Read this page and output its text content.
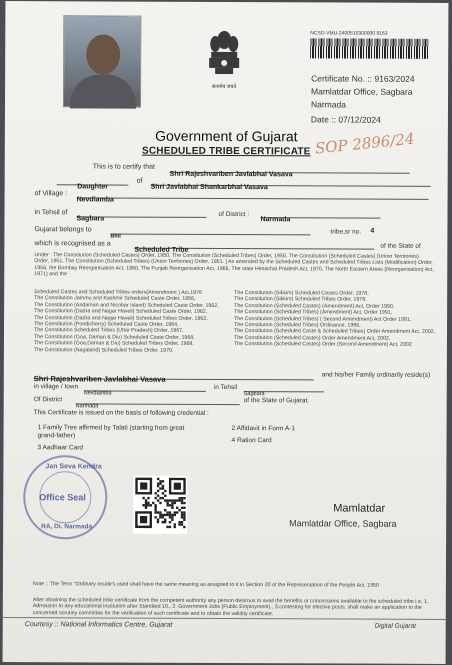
सत्यमेव जयते
NCSD-VMU-2400510300000 9163
Certificate No. :: 9163/2024
Mamlatdar Office, Sagbara
Narmada
Date :: 07/12/2024
Government of Gujarat
SCHEDULED TRIBE CERTIFICATE SOP 2896/24
This is to certify that
Shri Rajeshvariben Javlabhai Vasava
Daughter
of
Shri Javlabhai Shankarbhai Vasava
of Village :
Nevdiamba
in Tehsil of
Sagbara
of District :
Narmada
Gujarat belongs to
Bhil
tribe,sr no. 4
which is recognised as a
Scheduled Tribe
of the State of
Under : The Constitution (Scheduled Castes) Order, 1950, The Constitution (Scheduled Tribes) Order, 1950, The Constitution (Scheduled Castes) (Union Territories) Order, 1951, The Constitution (Scheduled Tribes) (Union Territories) Order, 1951. [ As amended by the Scheduled Castes and Scheduled Tribes Lists (Modification) Order, 1956, the Bombay Reorganisation Act, 1960, The Punjab Reorganisation Act, 1966, The state Himachal Pradesh Act, 1970, The North Eastern Areas (Reorganisation) Act, 1971) and the
Scheduled Castes and Scheduled Tribes orders(Amendment ) Act,1976
The Constitution Jammu and Kashmir Scheduled Caste Order, 1956,
The Constitution (Andaman and Nicobar Island) Scheduled Caste Order, 1962,
The Constitution (Dadra and Nagar Haveli) Scheduled Caste Order, 1962,
The Constitution (Dadra and Nagar Haveli) Scheduled Tribes Order, 1962,
The Constitution (Pondicherry) Scheduled Caste Order, 1964,
The Constitution Scheduled Tribes (Uttar Pradesh) Order, 1967,
The Constitution (Goa, Daman & Diu) Scheduled Caste Order, 1968,
The Constitution (Goa,Daman & Diu) Scheduled Tribes Order, 1968,
The Constitution (Nagaland) Scheduled Tribes Order, 1970.
The Constitution (Sikkim) Scheduled Castes Order, 1978,
The Constitution (Sikkim) Scheduled Tribes Order, 1978,
The Constitution (Scheduled Castes) (Amendment) Act, Order 1990,
The Constitution (Scheduled Tribes) (Amendment) Act, Order 1991,
The Constitution (Scheduled Tribes) ( Second Amendment) Act Order 1991,
The Constitution (Scheduled Tribes) Ordinance, 1996,
The Constitution (Scheduled Caste & Scheduled Tribes) Order Amendment Act, 2002,
The Constitution (Scheduled Castes) Order Amendment Act, 2002,
The Constitution (Scheduled Castes) Order (Second Amendment) Act, 2002
Shri Rajeshvariben Javlabhai Vasava	and his/her Family ordinarily reside(s)
in village / town
Nevdiamba
in Tehsil
Sagbara
Of District
Narmada
of the State of Gujarat.
This Certificate is issued on the basis of following credential :
1 Family Tree affirmed by Talati (starting from great grand-father)
2 Affidavit in Form A-1
3 Aadhaar Card
4 Ration Card
Jan Seva Kendra
Office Seal
RA, Di. Narmada
Mamlatdar
Mamlatdar Office, Sagbara
Note :: The Term "Ordinary reside's used shall have the same meaning as assigned to it in Section 20 of the Representation of the People Act, 1950
After obtaining the scheduled tribe certificate from the competent authority any person desirous to avail the benefits or concessions available to the scheduled tribe i.e. 1. Admission to any educational institution after Standard 10., 2. Government Jobs (Public Employment)., 3.contesting for elective posts, shall make an application to the concerned scrutiny committee for the verification of such certificate and to obtain the validity certificate.
Courtesy :: National Informatics Centre, Gujarat	Digital Gujarat
